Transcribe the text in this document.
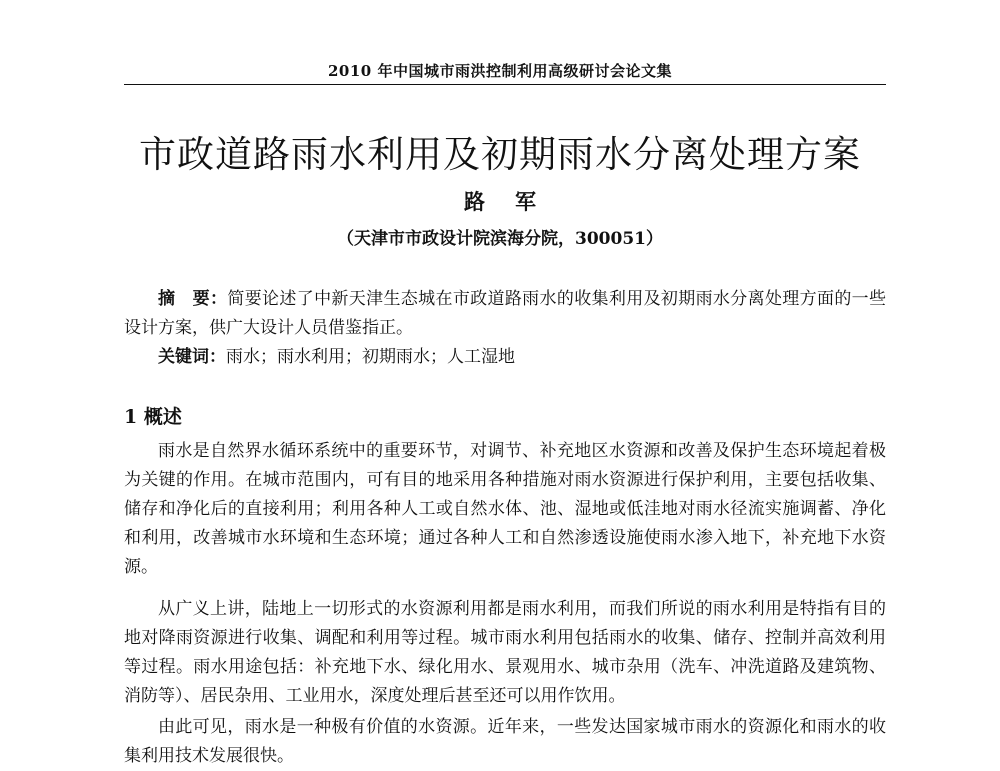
2010 年中国城市雨洪控制利用高级研讨会论文集
市政道路雨水利用及初期雨水分离处理方案
路军
（天津市市政设计院滨海分院，300051）
摘　要：简要论述了中新天津生态城在市政道路雨水的收集利用及初期雨水分离处理方面的一些设计方案，供广大设计人员借鉴指正。
关键词：雨水；雨水利用；初期雨水；人工湿地
1 概述
雨水是自然界水循环系统中的重要环节，对调节、补充地区水资源和改善及保护生态环境起着极为关键的作用。在城市范围内，可有目的地采用各种措施对雨水资源进行保护利用，主要包括收集、储存和净化后的直接利用；利用各种人工或自然水体、池、湿地或低洼地对雨水径流实施调蓄、净化和利用，改善城市水环境和生态环境；通过各种人工和自然渗透设施使雨水渗入地下，补充地下水资源。
从广义上讲，陆地上一切形式的水资源利用都是雨水利用，而我们所说的雨水利用是特指有目的地对降雨资源进行收集、调配和利用等过程。城市雨水利用包括雨水的收集、储存、控制并高效利用等过程。雨水用途包括：补充地下水、绿化用水、景观用水、城市杂用（洗车、冲洗道路及建筑物、消防等）、居民杂用、工业用水，深度处理后甚至还可以用作饮用。
由此可见，雨水是一种极有价值的水资源。近年来，一些发达国家城市雨水的资源化和雨水的收集利用技术发展很快。
